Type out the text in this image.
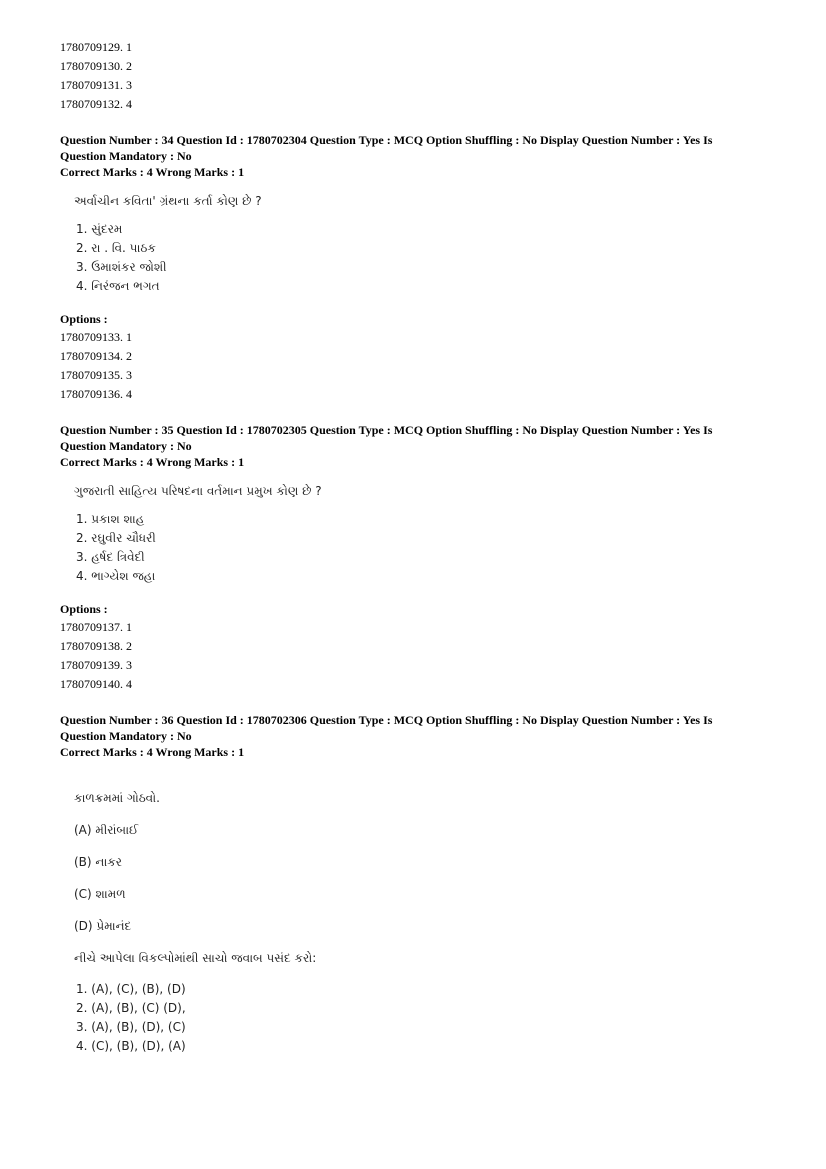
1780709129. 1
1780709130. 2
1780709131. 3
1780709132. 4
Question Number : 34 Question Id : 1780702304 Question Type : MCQ Option Shuffling : No Display Question Number : Yes Is
Question Mandatory : No
Correct Marks : 4 Wrong Marks : 1
અર્વાચીન કવિતા' ગ્રંથના કર્તા કોણ છે ?
1. સુંદરમ
2. રા . વિ. પાઠક
3. ઉમાશંકર જોશી
4. નિરંજન ભગત
Options :
1780709133. 1
1780709134. 2
1780709135. 3
1780709136. 4
Question Number : 35 Question Id : 1780702305 Question Type : MCQ Option Shuffling : No Display Question Number : Yes Is
Question Mandatory : No
Correct Marks : 4 Wrong Marks : 1
ગુજરાતી સાહિત્ય પરિષદના વર્તમાન પ્રમુખ કોણ છે ?
1. પ્રકાશ શાહ
2. રઘુવીર ચૌધરી
3. હર્ષદ ત્રિવેદી
4. ભાગ્યેશ જહા
Options :
1780709137. 1
1780709138. 2
1780709139. 3
1780709140. 4
Question Number : 36 Question Id : 1780702306 Question Type : MCQ Option Shuffling : No Display Question Number : Yes Is
Question Mandatory : No
Correct Marks : 4 Wrong Marks : 1

કાળક્રમમાં ગોઠવો.

(A) મીરાંબાઈ

(B) નાકર

(C) શામળ

(D) પ્રેમાનંદ

નીચે આપેલા વિકલ્પોમાંથી સાચો જવાબ પસંદ કરો:

1. (A), (C), (B), (D)
2. (A), (B), (C) (D),
3. (A), (B), (D), (C)
4. (C), (B), (D), (A)
